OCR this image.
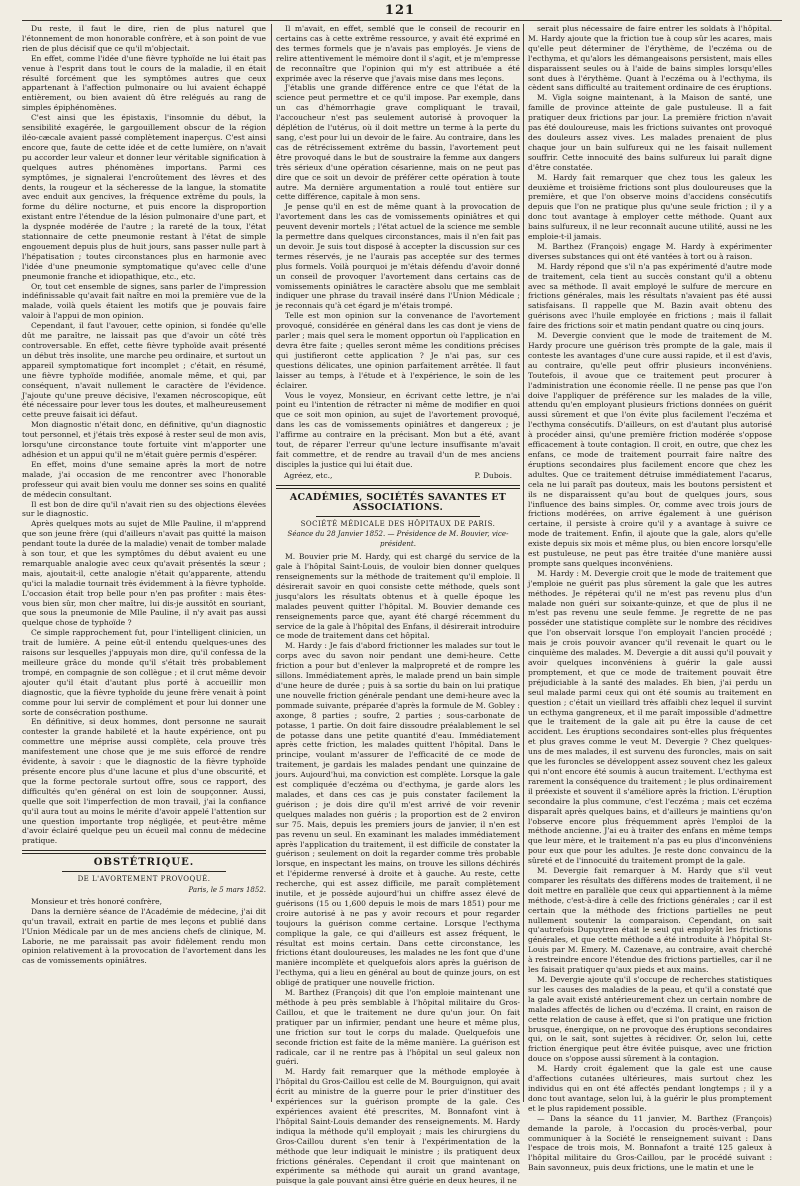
121

Du reste, il faut le dire, rien de plus naturel que l'étonnement de mon honorable confrère, et à son point de vue rien de plus décisif que ce qu'il m'objectait.

En effet, comme l'idée d'une fièvre typhoïde ne lui était pas venue à l'esprit dans tout le cours de la maladie, il en était résulté forcément que les symptômes autres que ceux appartenant à l'affection pulmonaire ou lui avaient échappé entièrement, ou bien avaient dû être relégués au rang de simples épiphénomènes.

C'est ainsi que les épistaxis, l'insomnie du début, la sensibilité exagérée, le gargouillement obscur de la région iléo-cæcale avaient passé complètement inaperçus. C'est ainsi encore que, faute de cette idée et de cette lumière, on n'avait pu accorder leur valeur et donner leur véritable signification à quelques autres phénomènes importans. Parmi ces symptômes, je signalerai l'encroûtement des lèvres et des dents, la rougeur et la sécheresse de la langue, la stomatite avec enduit aux gencives, la fréquence extrême du pouls, la forme du délire nocturne, et puis encore la disproportion existant entre l'étendue de la lésion pulmonaire d'une part, et la dyspnée modérée de l'autre ; la rareté de la toux, l'état stationnaire de cette pneumonie restant à l'état de simple engouement depuis plus de huit jours, sans passer nulle part à l'hépatisation ; toutes circonstances plus en harmonie avec l'idée d'une pneumonie symptomatique qu'avec celle d'une pneumonie franche et idiopathique, etc., etc.

Or, tout cet ensemble de signes, sans parler de l'impression indéfinissable qu'avait fait naître en moi la première vue de la malade, voilà quels étaient les motifs que je pouvais faire valoir à l'appui de mon opinion.

Cependant, il faut l'avouer, cette opinion, si fondée qu'elle dût me paraître, ne laissait pas que d'avoir un côté très controversable. En effet, cette fièvre typhoïde avait présenté un début très insolite, une marche peu ordinaire, et surtout un appareil symptomatique fort incomplet ; c'était, en résumé, une fièvre typhoïde modifiée, anomale même, et qui, par conséquent, n'avait nullement le caractère de l'évidence. J'ajoute qu'une preuve décisive, l'examen nécroscopique, eût été nécessaire pour lever tous les doutes, et malheureusement cette preuve faisait ici défaut.

Mon diagnostic n'était donc, en définitive, qu'un diagnostic tout personnel, et j'étais très exposé à rester seul de mon avis, lorsqu'une circonstance toute fortuite vint m'apporter une adhésion et un appui qu'il ne m'était guère permis d'espérer.

En effet, moins d'une semaine après la mort de notre malade, j'ai occasion de me rencontrer avec l'honorable professeur qui avait bien voulu me donner ses soins en qualité de médecin consultant.

Il est bon de dire qu'il n'avait rien su des objections élevées sur le diagnostic.

Après quelques mots au sujet de Mlle Pauline, il m'apprend que son jeune frère (qui d'ailleurs n'avait pas quitté la maison pendant toute la durée de la maladie) venait de tomber malade à son tour, et que les symptômes du début avaient eu une remarquable analogie avec ceux qu'avait présentés la sœur ; mais, ajoutait-il, cette analogie n'était qu'apparente, attendu qu'ici la maladie tournait très évidemment à la fièvre typhoïde. L'occasion était trop belle pour n'en pas profiter : mais êtes-vous bien sûr, mon cher maître, lui dis-je aussitôt en souriant, que sous la pneumonie de Mlle Pauline, il n'y avait pas aussi quelque chose de typhoïde ?

Ce simple rapprochement fut, pour l'intelligent clinicien, un trait de lumière. A peine eût-il entendu quelques-unes des raisons sur lesquelles j'appuyais mon dire, qu'il confessa de la meilleure grâce du monde qu'il s'était très probablement trompé, en compagnie de son collègue ; et il crut même devoir ajouter qu'il était d'autant plus porté à accueillir mon diagnostic, que la fièvre typhoïde du jeune frère venait à point comme pour lui servir de complément et pour lui donner une sorte de consécration posthume.

En définitive, si deux hommes, dont personne ne saurait contester la grande habileté et la haute expérience, ont pu commettre une méprise aussi complète, cela prouve très manifestement une chose que je me suis efforcé de rendre évidente, à savoir : que le diagnostic de la fièvre typhoïde présente encore plus d'une lacune et plus d'une obscurité, et que la forme pectorale surtout offre, sous ce rapport, des difficultés qu'en général on est loin de soupçonner. Aussi, quelle que soit l'imperfection de mon travail, j'ai la confiance qu'il aura tout au moins le mérite d'avoir appelé l'attention sur une question importante trop négligée, et peut-être même d'avoir éclairé quelque peu un écueil mal connu de médecine pratique.

OBSTÉTRIQUE.
DE L'AVORTEMENT PROVOQUÉ.
Paris, le 5 mars 1852.

Monsieur et très honoré confrère,

Dans la dernière séance de l'Académie de médecine, j'ai dit qu'un travail, extrait en partie de mes leçons et publié dans l'Union Médicale par un de mes anciens chefs de clinique, M. Laborie, ne me paraissait pas avoir fidèlement rendu mon opinion relativement à la provocation de l'avortement dans les cas de vomissements opiniâtres.

Il m'avait, en effet, semblé que le conseil de recourir en certains cas à cette extrême ressource, y avait été exprimé en des termes formels que je n'avais pas employés. Je viens de relire attentivement le mémoire dont il s'agit, et je m'empresse de reconnaître que l'opinion qui m'y est attribuée a été exprimée avec la réserve que j'avais mise dans mes leçons.

J'établis une grande différence entre ce que l'état de la science peut permettre et ce qu'il impose. Par exemple, dans un cas d'hémorrhagie grave compliquant le travail, l'accoucheur n'est pas seulement autorisé à provoquer la déplétion de l'utérus, où il doit mettre un terme à la perte du sang, c'est pour lui un devoir de le faire. Au contraire, dans les cas de rétrécissement extrême du bassin, l'avortement peut être provoqué dans le but de soustraire la femme aux dangers très sérieux d'une opération césarienne, mais on ne peut pas dire que ce soit un devoir de préférer cette opération à toute autre. Ma dernière argumentation a roulé tout entière sur cette différence, capitale à mon sens.

Je pense qu'il en est de même quant à la provocation de l'avortement dans les cas de vomissements opiniâtres et qui peuvent devenir mortels ; l'état actuel de la science me semble la permettre dans quelques circonstances, mais il n'en fait pas un devoir. Je suis tout disposé à accepter la discussion sur ces termes réservés, je ne l'aurais pas acceptée sur des termes plus formels. Voilà pourquoi je m'étais défendu d'avoir donné un conseil de provoquer l'avortement dans certains cas de vomissements opiniâtres le caractère absolu que me semblait indiquer une phrase du travail inséré dans l'Union Médicale ; je reconnais qu'à cet égard je m'étais trompé.

Telle est mon opinion sur la convenance de l'avortement provoqué, considérée en général dans les cas dont je viens de parler ; mais quel sera le moment opportun où l'application en devra être faite ; quelles seront même les conditions précises qui justifieront cette application ? Je n'ai pas, sur ces questions délicates, une opinion parfaitement arrêtée. Il faut laisser au temps, à l'étude et à l'expérience, le soin de les éclairer.

Vous le voyez, Monsieur, en écrivant cette lettre, je n'ai point eu l'intention de rétracter ni même de modifier en quoi que ce soit mon opinion, au sujet de l'avortement provoqué, dans les cas de vomissements opiniâtres et dangereux ; je l'affirme au contraire en la précisant. Mon but a été, avant tout, de réparer l'erreur qu'une lecture insuffisante m'avait fait commettre, et de rendre au travail d'un de mes anciens disciples la justice qui lui était due.

Agréez, etc.,	P. Dubois.
ACADÉMIES, SOCIÉTÉS SAVANTES ET ASSOCIATIONS.
SOCIÉTÉ MÉDICALE DES HÔPITAUX DE PARIS.
Séance du 28 Janvier 1852. — Présidence de M. Bouvier, vice-président.

M. Bouvier prie M. Hardy, qui est chargé du service de la gale à l'hôpital Saint-Louis, de vouloir bien donner quelques renseignements sur la méthode de traitement qu'il emploie. Il désirerait savoir en quoi consiste cette méthode, quels sont jusqu'alors les résultats obtenus et à quelle époque les malades peuvent quitter l'hôpital. M. Bouvier demande ces renseignements parce que, ayant été chargé récemment du service de la gale à l'hôpital des Enfans, il désirerait introduire ce mode de traitement dans cet hôpital.

M. Hardy : Je fais d'abord frictionner les malades sur tout le corps avec du savon noir pendant une demi-heure. Cette friction a pour but d'enlever la malpropreté et de rompre les sillons. Immédiatement après, le malade prend un bain simple d'une heure de durée ; puis à sa sortie du bain on lui pratique une nouvelle friction générale pendant une demi-heure avec la pommade suivante, préparée d'après la formule de M. Gobley : axonge, 8 parties ; soufre, 2 parties ; sous-carbonate de potasse, 1 partie. On doit faire dissoudre préalablement le sel de potasse dans une petite quantité d'eau. Immédiatement après cette friction, les malades quittent l'hôpital. Dans le principe, voulant m'assurer de l'efficacité de ce mode de traitement, je gardais les malades pendant une quinzaine de jours. Aujourd'hui, ma conviction est complète. Lorsque la gale est compliquée d'eczéma ou d'ecthyma, je garde alors les malades, et dans ces cas je puis constater facilement la guérison ; je dois dire qu'il m'est arrivé de voir revenir quelques malades non guéris ; la proportion est de 2 environ sur 75. Mais, depuis les premiers jours de janvier, il n'en est pas revenu un seul. En examinant les malades immédiatement après l'application du traitement, il est difficile de constater la guérison ; seulement on doit la regarder comme très probable lorsque, en inspectant les mains, on trouve les sillons déchirés et l'épiderme renversé à droite et à gauche. Au reste, cette recherche, qui est assez difficile, me paraît complètement inutile, et je possède aujourd'hui un chiffre assez élevé de guérisons (15 ou 1,600 depuis le mois de mars 1851) pour me croire autorisé à ne pas y avoir recours et pour regarder toujours la guérison comme certaine. Lorsque l'ecthyma complique la gale, ce qui d'ailleurs est assez fréquent, le résultat est moins certain. Dans cette circonstance, les frictions étant douloureuses, les malades ne les font que d'une manière incomplète et quelquefois alors après la guérison de l'ecthyma, qui a lieu en général au bout de quinze jours, on est obligé de pratiquer une nouvelle friction.

M. Barthez (François) dit que l'on emploie maintenant une méthode à peu près semblable à l'hôpital militaire du Gros-Caillou, et que le traitement ne dure qu'un jour. On fait pratiquer par un infirmier, pendant une heure et même plus, une friction sur tout le corps du malade. Quelquefois une seconde friction est faite de la même manière. La guérison est radicale, car il ne rentre pas à l'hôpital un seul galeux non guéri.

M. Hardy fait remarquer que la méthode employée à l'hôpital du Gros-Caillou est celle de M. Bourguignon, qui avait écrit au ministre de la guerre pour le prier d'instituer des expériences sur la guérison prompte de la gale. Ces expériences avaient été prescrites, M. Bonnafont vint à l'hôpital Saint-Louis demander des renseignements. M. Hardy indiqua la méthode qu'il employait ; mais les chirurgiens du Gros-Caillou durent s'en tenir à l'expérimentation de la méthode que leur indiquait le ministre ; ils pratiquent deux frictions générales. Cependant il croit que maintenant on expérimente sa méthode qui aurait un grand avantage, puisque la gale pouvant ainsi être guérie en deux heures, il ne

serait plus nécessaire de faire entrer les soldats à l'hôpital. M. Hardy ajoute que la friction tue à coup sûr les acares, mais qu'elle peut déterminer de l'érythème, de l'eczéma ou de l'ecthyma, et qu'alors les démangeaisons persistent, mais elles disparaissent seules ou à l'aide de bains simples lorsqu'elles sont dues à l'érythème. Quant à l'eczéma ou à l'ecthyma, ils cèdent sans difficulté au traitement ordinaire de ces éruptions.

M. Vigla soigne maintenant, à la Maison de santé, une famille de province atteinte de gale pustuleuse. Il a fait pratiquer deux frictions par jour. La première friction n'avait pas été douloureuse, mais les frictions suivantes ont provoqué des douleurs assez vives. Les malades prenaient de plus chaque jour un bain sulfureux qui ne les faisait nullement souffrir. Cette innocuité des bains sulfureux lui paraît digne d'être constatée.

M. Hardy fait remarquer que chez tous les galeux les deuxième et troisième frictions sont plus douloureuses que la première, et que l'on observe moins d'accidens consécutifs depuis que l'on ne pratique plus qu'une seule friction ; il y a donc tout avantage à employer cette méthode. Quant aux bains sulfureux, il ne leur reconnaît aucune utilité, aussi ne les emploie-t-il jamais.

M. Barthez (François) engage M. Hardy à expérimenter diverses substances qui ont été vantées à tort ou à raison.

M. Hardy répond que s'il n'a pas expérimenté d'autre mode de traitement, cela tient au succès constant qu'il a obtenu avec sa méthode. Il avait employé le sulfure de mercure en frictions générales, mais les résultats n'avaient pas été aussi satisfaisans. Il rappelle que M. Bazin avait obtenu des guérisons avec l'huile employée en frictions ; mais il fallait faire des frictions soir et matin pendant quatre ou cinq jours.

M. Devergie convient que le mode de traitement de M. Hardy procure une guérison très prompte de la gale, mais il conteste les avantages d'une cure aussi rapide, et il est d'avis, au contraire, qu'elle peut offrir plusieurs inconvéniens. Toutefois, il avoue que ce traitement peut procurer à l'administration une économie réelle. Il ne pense pas que l'on doive l'appliquer de préférence sur les malades de la ville, attendu qu'en employant plusieurs frictions données on guérit aussi sûrement et que l'on évite plus facilement l'eczéma et l'ecthyma consécutifs. D'ailleurs, on est d'autant plus autorisé à procéder ainsi, qu'une première friction modérée s'oppose efficacement à toute contagion. Il croit, en outre, que chez les enfans, ce mode de traitement pourrait faire naître des éruptions secondaires plus facilement encore que chez les adultes. Que ce traitement détruise immédiatement l'acarus, cela ne lui paraît pas douteux, mais les boutons persistent et ils ne disparaissent qu'au bout de quelques jours, sous l'influence des bains simples. Or, comme avec trois jours de frictions modérées, on arrive également à une guérison certaine, il persiste à croire qu'il y a avantage à suivre ce mode de traitement. Enfin, il ajoute que la gale, alors qu'elle existe depuis six mois et même plus, ou bien encore lorsqu'elle est pustuleuse, ne peut pas être traitée d'une manière aussi prompte sans quelques inconvéniens.

M. Hardy : M. Devergie croit que le mode de traitement que j'emploie ne guérit pas plus sûrement la gale que les autres méthodes. Je répéterai qu'il ne m'est pas revenu plus d'un malade non guéri sur soixante-quinze, et que de plus il ne m'est pas revenu une seule femme. Je regrette de ne pas posséder une statistique complète sur le nombre des récidives que l'on observait lorsque l'on employait l'ancien procédé ; mais je crois pouvoir avancer qu'il revenait le quart ou le cinquième des malades. M. Devergie a dit aussi qu'il pouvait y avoir quelques inconvéniens à guérir la gale aussi promptement, et que ce mode de traitement pouvait être préjudiciable à la santé des malades. Eh bien, j'ai perdu un seul malade parmi ceux qui ont été soumis au traitement en question ; c'était un vieillard très affaibli chez lequel il survint un ecthyma gangreneux, et il me paraît impossible d'admettre que le traitement de la gale ait pu être la cause de cet accident. Les éruptions secondaires sont-elles plus fréquentes et plus graves comme le veut M. Devergie ? Chez quelques-uns de mes malades, il est survenu des furoncles, mais on sait que les furoncles se développent assez souvent chez les galeux qui n'ont encore été soumis à aucun traitement. L'ecthyma est rarement la conséquence du traitement ; le plus ordinairement il préexiste et souvent il s'améliore après la friction. L'éruption secondaire la plus commune, c'est l'eczéma ; mais cet eczéma disparaît après quelques bains, et d'ailleurs je maintiens qu'on l'observe encore plus fréquemment après l'emploi de la méthode ancienne. J'ai eu à traiter des enfans en même temps que leur mère, et le traitement n'a pas eu plus d'inconvéniens pour eux que pour les adultes. Je reste donc convaincu de la sûreté et de l'innocuité du traitement prompt de la gale.

M. Devergie fait remarquer à M. Hardy que s'il veut comparer les résultats des différens modes de traitement, il ne doit mettre en parallèle que ceux qui appartiennent à la même méthode, c'est-à-dire à celle des frictions générales ; car il est certain que la méthode des frictions partielles ne peut nullement soutenir la comparaison. Cependant, on sait qu'autrefois Dupuytren était le seul qui employât les frictions générales, et que cette méthode a été introduite à l'hôpital St-Louis par M. Emery. M. Cazenave, au contraire, avait cherché à restreindre encore l'étendue des frictions partielles, car il ne les faisait pratiquer qu'aux pieds et aux mains.

M. Devergie ajoute qu'il s'occupe de recherches statistiques sur les causes des maladies de la peau, et qu'il a constaté que la gale avait existé antérieurement chez un certain nombre de malades affectés de lichen ou d'eczéma. Il craint, en raison de cette relation de cause à effet, que si l'on pratique une friction brusque, énergique, on ne provoque des éruptions secondaires qui, on le sait, sont sujettes à récidiver. Or, selon lui, cette friction énergique peut être évitée puisque, avec une friction douce on s'oppose aussi sûrement à la contagion.

M. Hardy croit également que la gale est une cause d'affections cutanées ultérieures, mais surtout chez les individus qui en ont été affectés pendant longtemps ; il y a donc tout avantage, selon lui, à la guérir le plus promptement et le plus rapidement possible.

— Dans la séance du 11 janvier, M. Barthez (François) demande la parole, à l'occasion du procès-verbal, pour communiquer à la Société le renseignement suivant : Dans l'espace de trois mois, M. Bonnafont a traité 125 galeux à l'hôpital militaire du Gros-Caillou, par le procédé suivant : Bain savonneux, puis deux frictions, une le matin et une le
